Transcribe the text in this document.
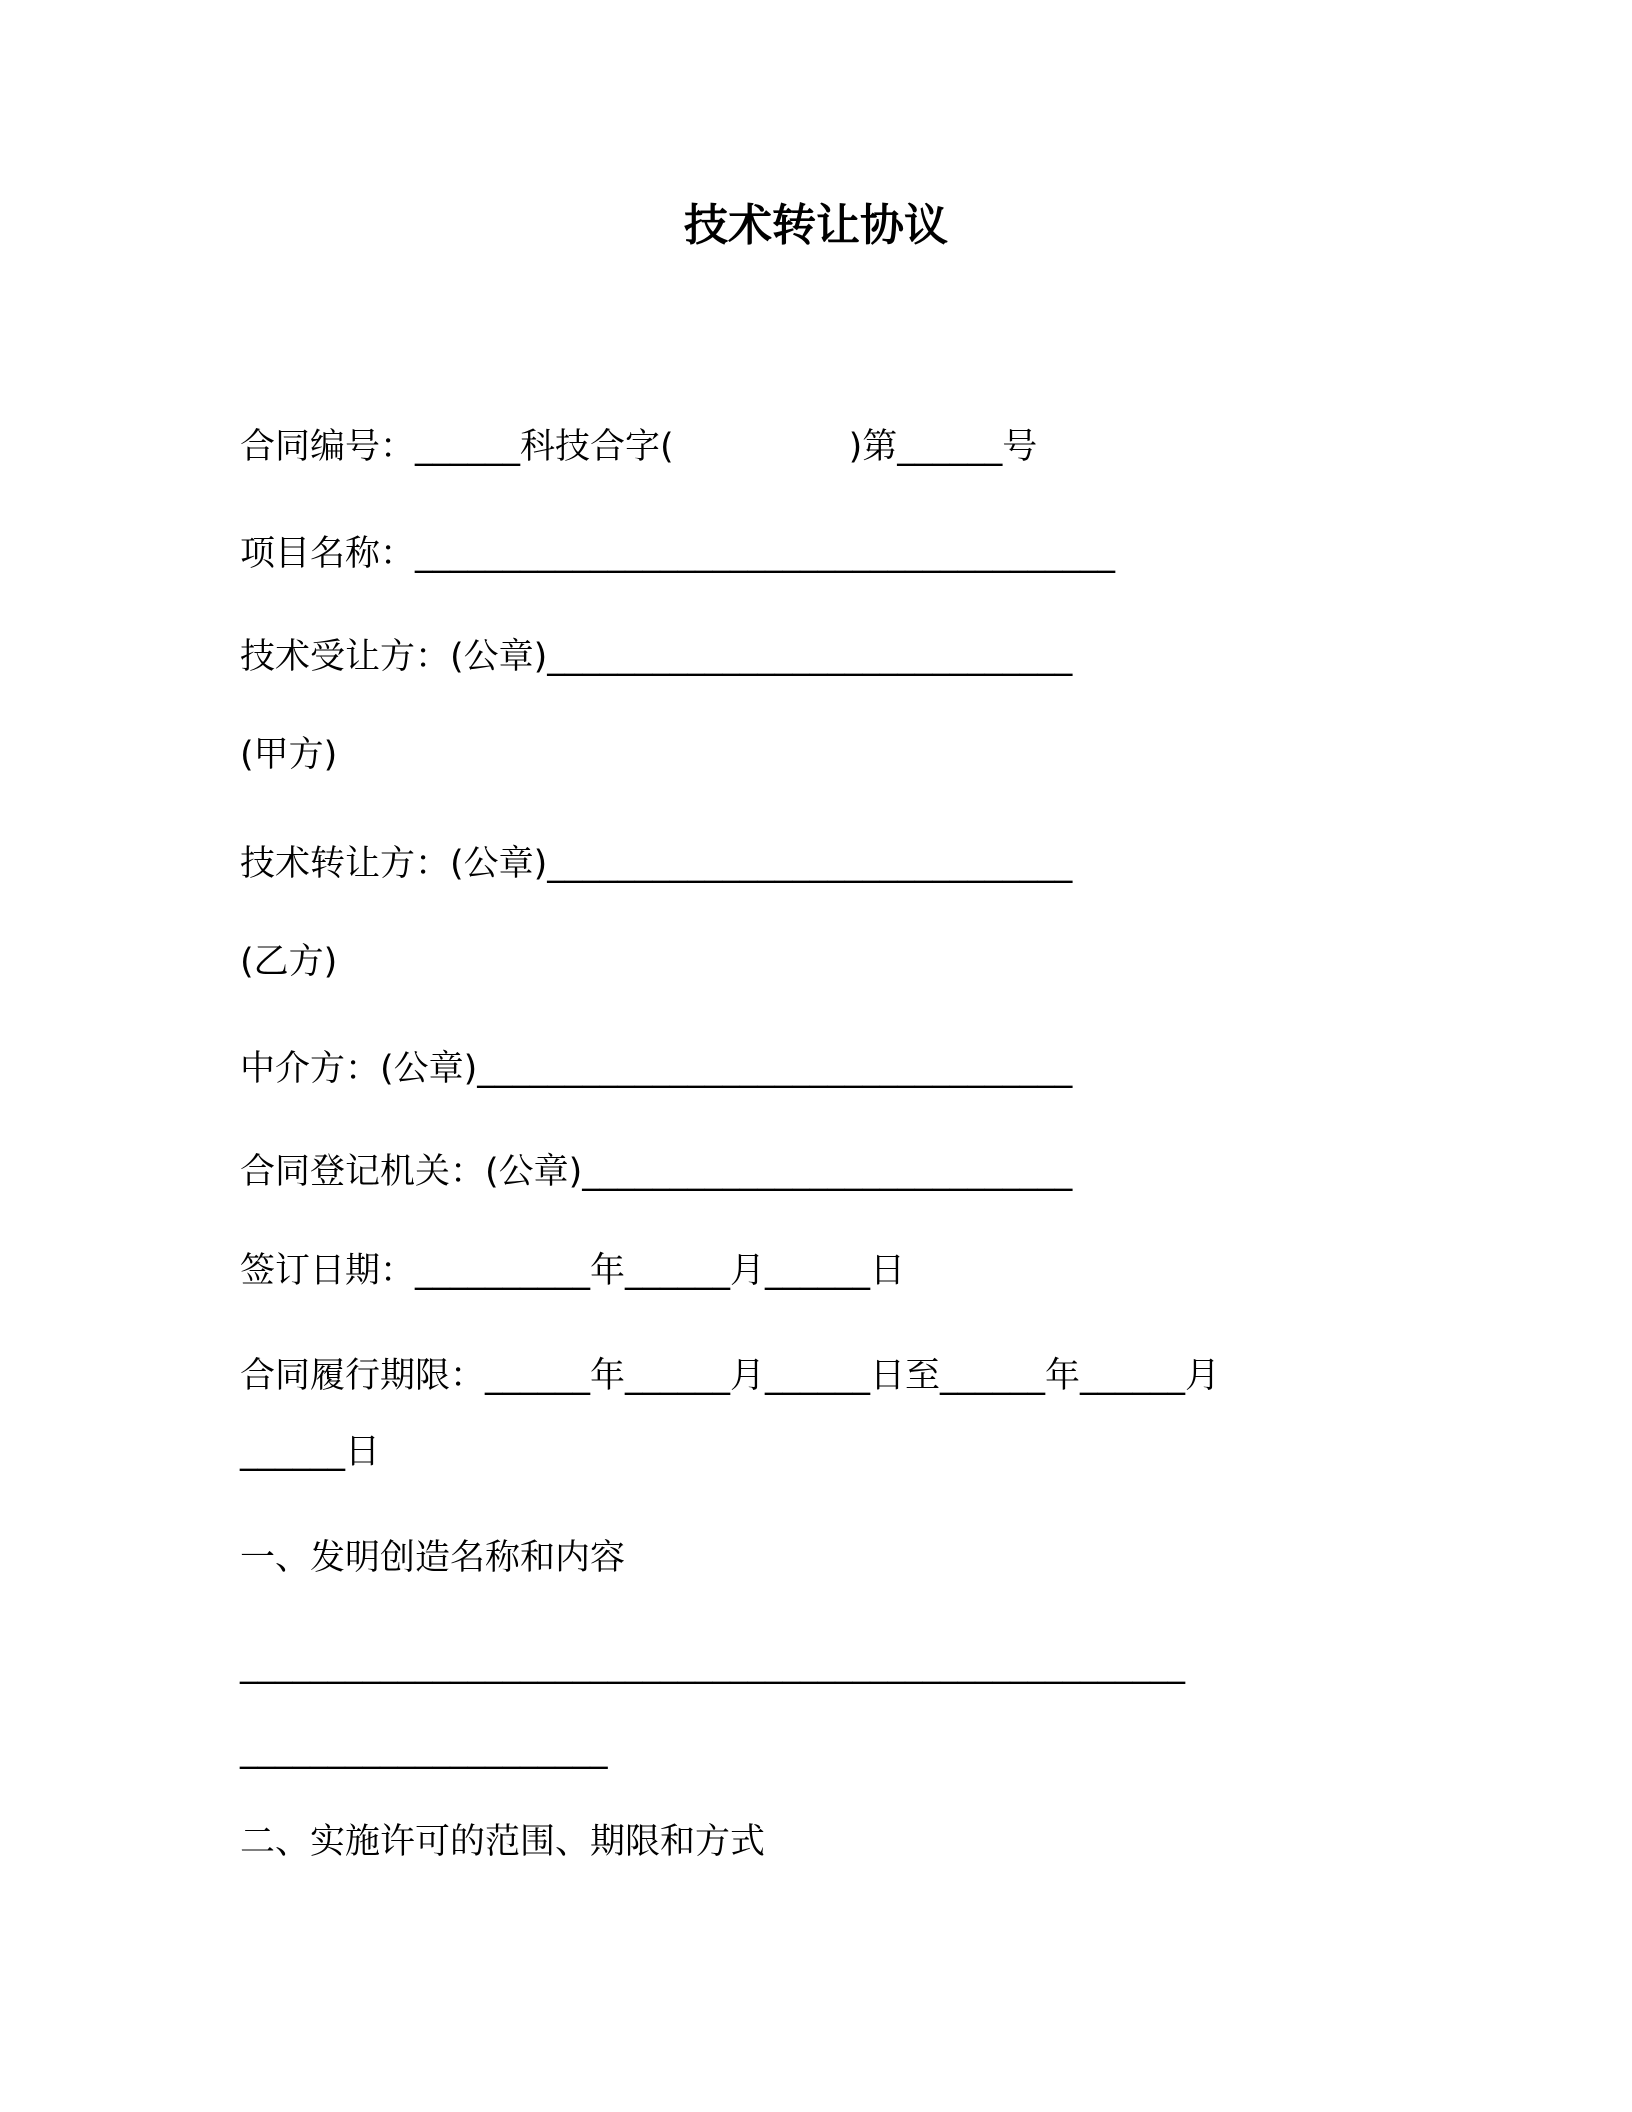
技术转让协议
合同编号：______科技合字(　　　　　)第______号
项目名称：________________________________________
技术受让方：(公章)______________________________
(甲方)
技术转让方：(公章)______________________________
(乙方)
中介方：(公章)__________________________________
合同登记机关：(公章)____________________________
签订日期：__________年______月______日
合同履行期限：______年______月______日至______年______月
______日
一、发明创造名称和内容
______________________________________________________
_____________________
二、实施许可的范围、期限和方式
